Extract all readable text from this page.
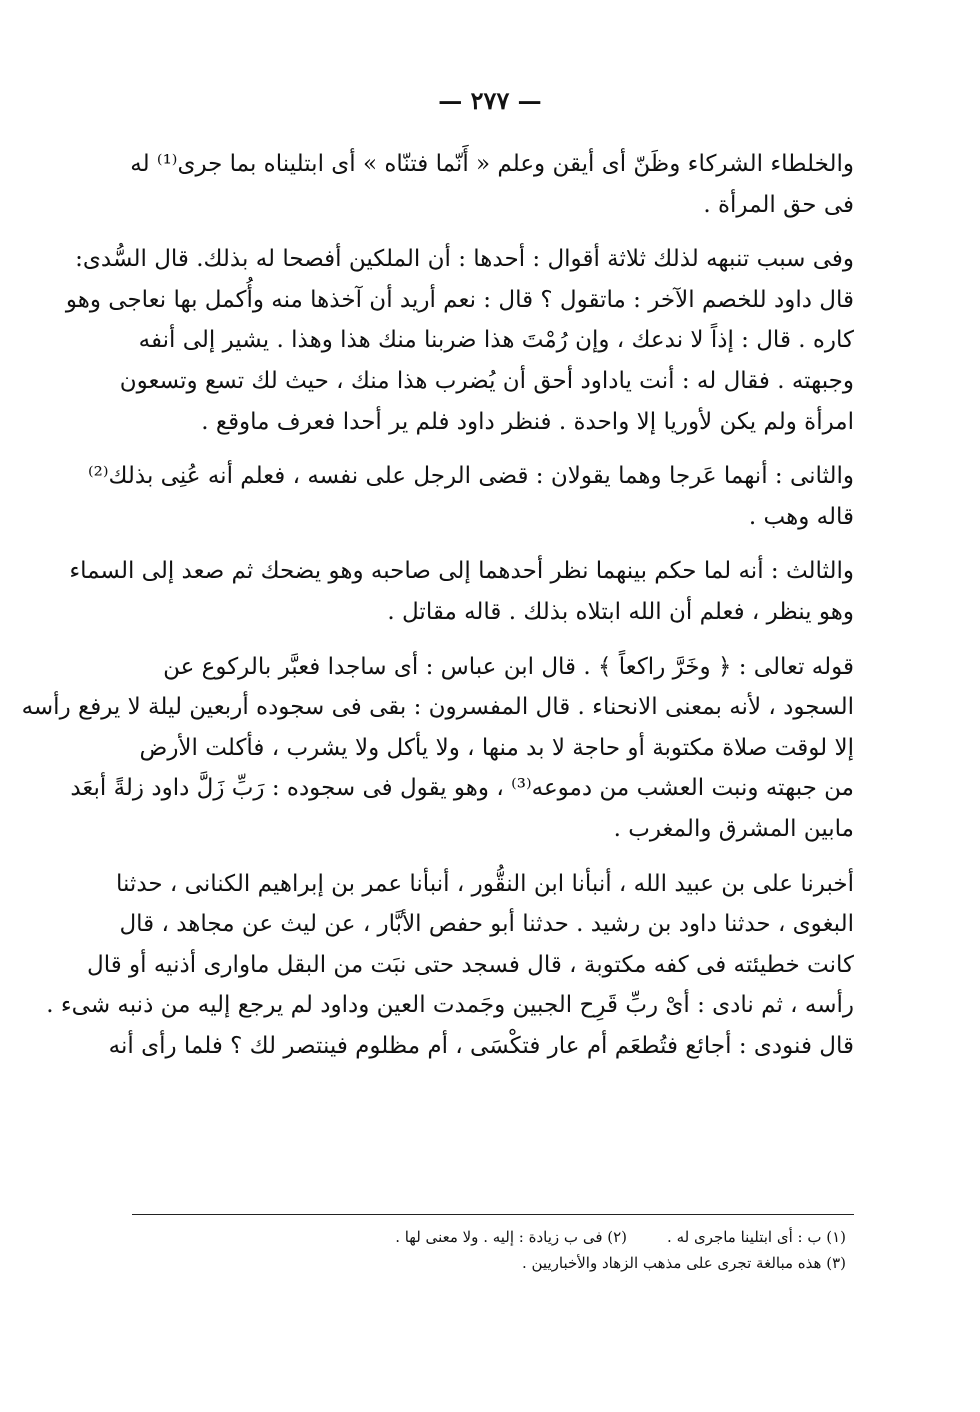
— ٢٧٧ —
والخلطاء الشركاء وظَنّ أى أيقن وعلم « أَنّما فتنّاه » أى ابتليناه بما جرى⁽¹⁾ له
فى حق المرأة .
وفى سبب تنبهه لذلك ثلاثة أقوال : أحدها : أن الملكين أفصحا له بذلك. قال السُّدى:
قال داود للخصم الآخر : ماتقول ؟ قال : نعم أريد أن آخذها منه وأُكمل بها نعاجى وهو
كاره . قال : إذاً لا ندعك ، وإن رُمْتَ هذا ضربنا منك هذا وهذا . يشير إلى أنفه
وجبهته . فقال له : أنت ياداود أحق أن يُضرب هذا منك ، حيث لك تسع وتسعون
امرأة ولم يكن لأوريا إلا واحدة . فنظر داود فلم ير أحدا فعرف ماوقع .
والثانى : أنهما عَرجا وهما يقولان : قضى الرجل على نفسه ، فعلم أنه عُنِى بذلك⁽²⁾
قاله وهب .
والثالث : أنه لما حكم بينهما نظر أحدهما إلى صاحبه وهو يضحك ثم صعد إلى السماء
وهو ينظر ، فعلم أن الله ابتلاه بذلك . قاله مقاتل .
قوله تعالى : ﴿ وخَرَّ راكعاً ﴾ . قال ابن عباس : أى ساجدا فعبَّر بالركوع عن
السجود ، لأنه بمعنى الانحناء . قال المفسرون : بقى فى سجوده أربعين ليلة لا يرفع رأسه
إلا لوقت صلاة مكتوبة أو حاجة لا بد منها ، ولا يأكل ولا يشرب ، فأكلت الأرض
من جبهته ونبت العشب من دموعه⁽³⁾ ، وهو يقول فى سجوده : رَبِّ زَلَّ داود زلةً أبعَد
مابين المشرق والمغرب .
أخبرنا على بن عبيد الله ، أنبأنا ابن النقُّور ، أنبأنا عمر بن إبراهيم الكنانى ، حدثنا
البغوى ، حدثنا داود بن رشيد . حدثنا أبو حفص الأبَّار ، عن ليث عن مجاهد ، قال
كانت خطيئته فى كفه مكتوبة ، قال فسجد حتى نبَت من البقل ماوارى أذنيه أو قال
رأسه ، ثم نادى : أىْ ربِّ قَرِح الجبين وجَمدت العين وداود لم يرجع إليه من ذنبه شىء .
قال فنودى : أجائع فتُطعَم أم عار فتكْسَى ، أم مظلوم فينتصر لك ؟ فلما رأى أنه
(١) ب : أى ابتلينا ماجرى له .(٢) فى ب زيادة : إليه . ولا معنى لها .
(٣) هذه مبالغة تجرى على مذهب الزهاد والأخباريين .
